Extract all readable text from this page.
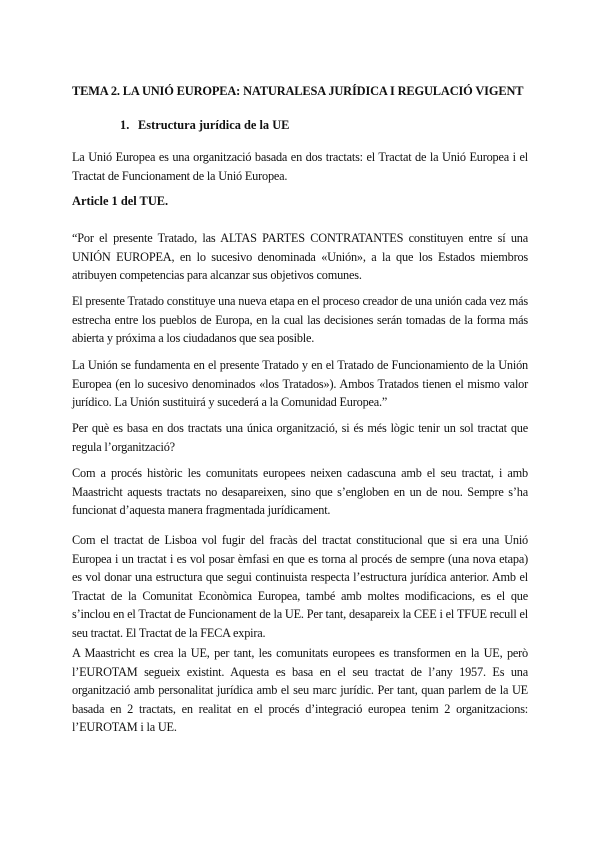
TEMA 2. LA UNIÓ EUROPEA: NATURALESA JURÍDICA I REGULACIÓ VIGENT
1. Estructura jurídica de la UE

La Unió Europea es una organització basada en dos tractats: el Tractat de la Unió Europea i el Tractat de Funcionament de la Unió Europea.

Article 1 del TUE.

“Por el presente Tratado, las ALTAS PARTES CONTRATANTES constituyen entre sí una UNIÓN EUROPEA, en lo sucesivo denominada «Unión», a la que los Estados miembros atribuyen competencias para alcanzar sus objetivos comunes.

El presente Tratado constituye una nueva etapa en el proceso creador de una unión cada vez más estrecha entre los pueblos de Europa, en la cual las decisiones serán tomadas de la forma más abierta y próxima a los ciudadanos que sea posible.

La Unión se fundamenta en el presente Tratado y en el Tratado de Funcionamiento de la Unión Europea (en lo sucesivo denominados «los Tratados»). Ambos Tratados tienen el mismo valor jurídico. La Unión sustituirá y sucederá a la Comunidad Europea.”

Per què es basa en dos tractats una única organització, si és més lògic tenir un sol tractat que regula l’organització?

Com a procés històric les comunitats europees neixen cadascuna amb el seu tractat, i amb Maastricht aquests tractats no desapareixen, sino que s’engloben en un de nou. Sempre s’ha funcionat d’aquesta manera fragmentada jurídicament.

Com el tractat de Lisboa vol fugir del fracàs del tractat constitucional que si era una Unió Europea i un tractat i es vol posar èmfasi en que es torna al procés de sempre (una nova etapa) es vol donar una estructura que segui continuista respecta l’estructura jurídica anterior. Amb el Tractat de la Comunitat Econòmica Europea, també amb moltes modificacions, es el que s’inclou en el Tractat de Funcionament de la UE. Per tant, desapareix la CEE i el TFUE recull el seu tractat. El Tractat de la FECA expira.

A Maastricht es crea la UE, per tant, les comunitats europees es transformen en la UE, però l’EUROTAM segueix existint. Aquesta es basa en el seu tractat de l’any 1957. Es una organització amb personalitat jurídica amb el seu marc jurídic. Per tant, quan parlem de la UE basada en 2 tractats, en realitat en el procés d’integració europea tenim 2 organitzacions: l’EUROTAM i la UE.
